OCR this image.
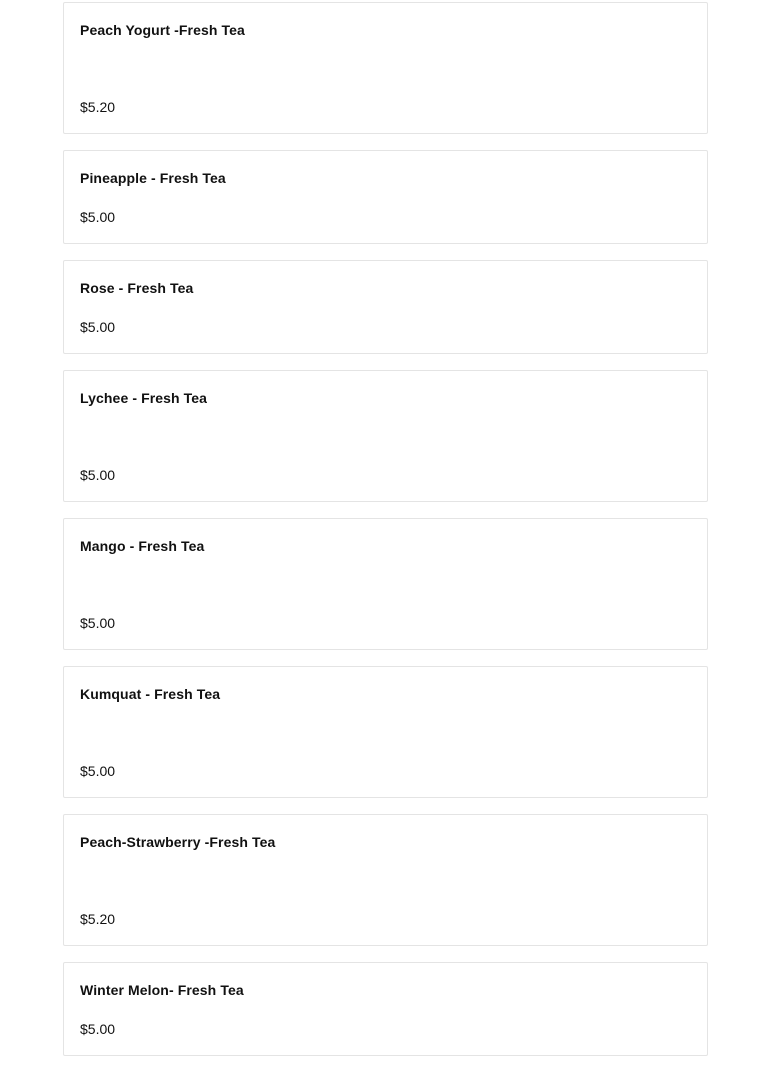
Peach Yogurt -Fresh Tea
$5.20
Pineapple - Fresh Tea
$5.00
Rose - Fresh Tea
$5.00
Lychee - Fresh Tea
$5.00
Mango - Fresh Tea
$5.00
Kumquat - Fresh Tea
$5.00
Peach-Strawberry -Fresh Tea
$5.20
Winter Melon- Fresh Tea
$5.00
